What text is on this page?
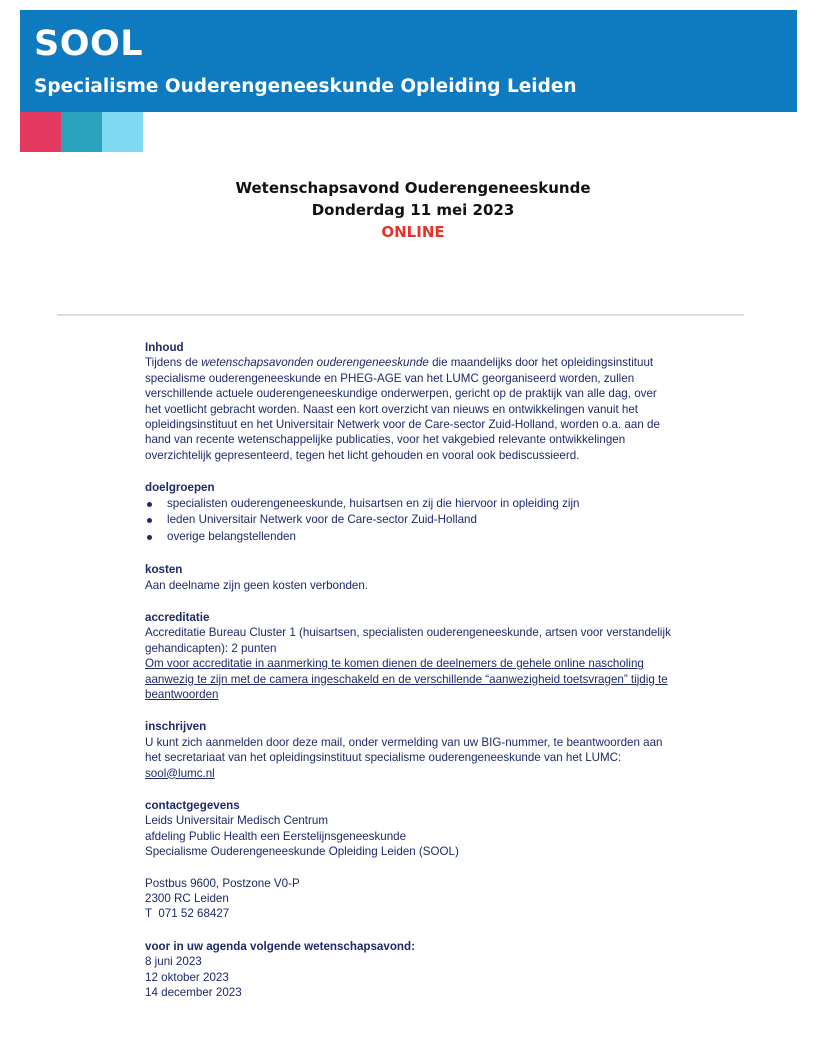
SOOL
Specialisme Ouderengeneeskunde Opleiding Leiden
Wetenschapsavond Ouderengeneeskunde
Donderdag 11 mei 2023
ONLINE
Inhoud

Tijdens de wetenschapsavonden ouderengeneeskunde die maandelijks door het opleidingsinstituut specialisme ouderengeneeskunde en PHEG-AGE van het LUMC georganiseerd worden, zullen verschillende actuele ouderengeneeskundige onderwerpen, gericht op de praktijk van alle dag, over het voetlicht gebracht worden. Naast een kort overzicht van nieuws en ontwikkelingen vanuit het opleidingsinstituut en het Universitair Netwerk voor de Care-sector Zuid-Holland, worden o.a. aan de hand van recente wetenschappelijke publicaties, voor het vakgebied relevante ontwikkelingen overzichtelijk gepresenteerd, tegen het licht gehouden en vooral ook bediscussieerd.

doelgroepen
specialisten ouderengeneeskunde, huisartsen en zij die hiervoor in opleiding zijn
leden Universitair Netwerk voor de Care-sector Zuid-Holland
overige belangstellenden
kosten

Aan deelname zijn geen kosten verbonden.

accreditatie

Accreditatie Bureau Cluster 1 (huisartsen, specialisten ouderengeneeskunde, artsen voor verstandelijk gehandicapten): 2 punten

Om voor accreditatie in aanmerking te komen dienen de deelnemers de gehele online nascholing aanwezig te zijn met de camera ingeschakeld en de verschillende “aanwezigheid toetsvragen” tijdig te beantwoorden

inschrijven

U kunt zich aanmelden door deze mail, onder vermelding van uw BIG-nummer, te beantwoorden aan het secretariaat van het opleidingsinstituut specialisme ouderengeneeskunde van het LUMC:

sool@lumc.nl

contactgegevens

Leids Universitair Medisch Centrum

afdeling Public Health een Eerstelijnsgeneeskunde

Specialisme Ouderengeneeskunde Opleiding Leiden (SOOL)

Postbus 9600, Postzone V0-P

2300 RC Leiden

T  071 52 68427

voor in uw agenda volgende wetenschapsavond:

8 juni 2023

12 oktober 2023

14 december 2023
